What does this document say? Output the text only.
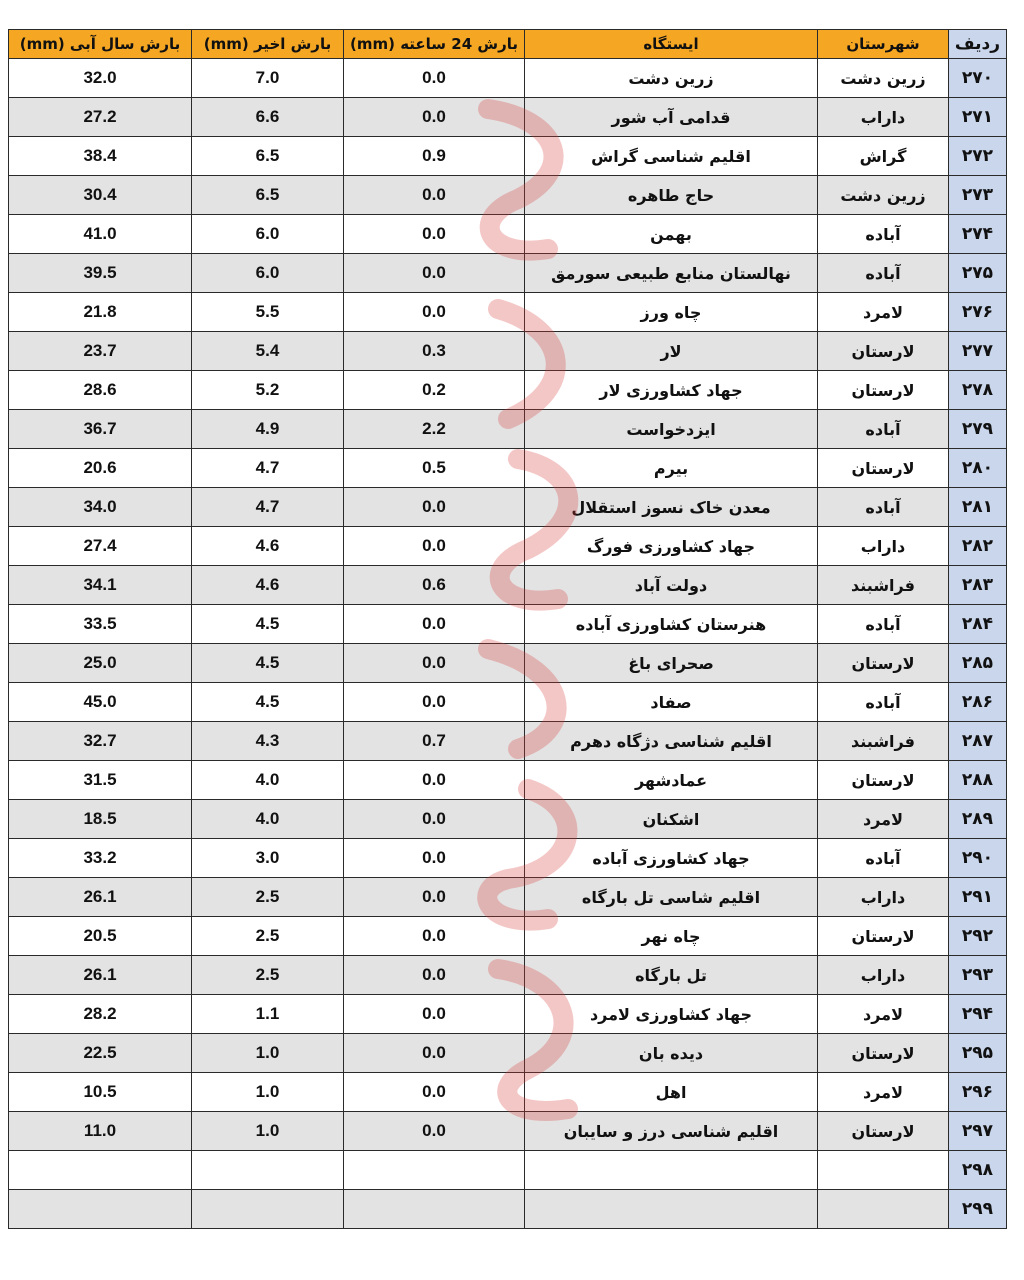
بارش سال آبی (mm)	بارش اخیر (mm)	بارش 24 ساعته (mm)	ایستگاه	شهرستان	ردیف
32.0	7.0	0.0	زرین دشت	زرین دشت	۲۷۰
27.2	6.6	0.0	قدامی آب شور	داراب	۲۷۱
38.4	6.5	0.9	اقلیم شناسی گراش	گراش	۲۷۲
30.4	6.5	0.0	حاج طاهره	زرین دشت	۲۷۳
41.0	6.0	0.0	بهمن	آباده	۲۷۴
39.5	6.0	0.0	نهالستان منابع طبیعی سورمق	آباده	۲۷۵
21.8	5.5	0.0	چاه ورز	لامرد	۲۷۶
23.7	5.4	0.3	لار	لارستان	۲۷۷
28.6	5.2	0.2	جهاد کشاورزی لار	لارستان	۲۷۸
36.7	4.9	2.2	ایزدخواست	آباده	۲۷۹
20.6	4.7	0.5	بیرم	لارستان	۲۸۰
34.0	4.7	0.0	معدن خاک نسوز استقلال	آباده	۲۸۱
27.4	4.6	0.0	جهاد کشاورزی فورگ	داراب	۲۸۲
34.1	4.6	0.6	دولت آباد	فراشبند	۲۸۳
33.5	4.5	0.0	هنرستان کشاورزی آباده	آباده	۲۸۴
25.0	4.5	0.0	صحرای باغ	لارستان	۲۸۵
45.0	4.5	0.0	صفاد	آباده	۲۸۶
32.7	4.3	0.7	اقلیم شناسی دژگاه دهرم	فراشبند	۲۸۷
31.5	4.0	0.0	عمادشهر	لارستان	۲۸۸
18.5	4.0	0.0	اشکنان	لامرد	۲۸۹
33.2	3.0	0.0	جهاد کشاورزی آباده	آباده	۲۹۰
26.1	2.5	0.0	اقلیم شاسی تل بارگاه	داراب	۲۹۱
20.5	2.5	0.0	چاه نهر	لارستان	۲۹۲
26.1	2.5	0.0	تل بارگاه	داراب	۲۹۳
28.2	1.1	0.0	جهاد کشاورزی لامرد	لامرد	۲۹۴
22.5	1.0	0.0	دیده بان	لارستان	۲۹۵
10.5	1.0	0.0	اهل	لامرد	۲۹۶
11.0	1.0	0.0	اقلیم شناسی درز و سایبان	لارستان	۲۹۷
					۲۹۸
					۲۹۹
